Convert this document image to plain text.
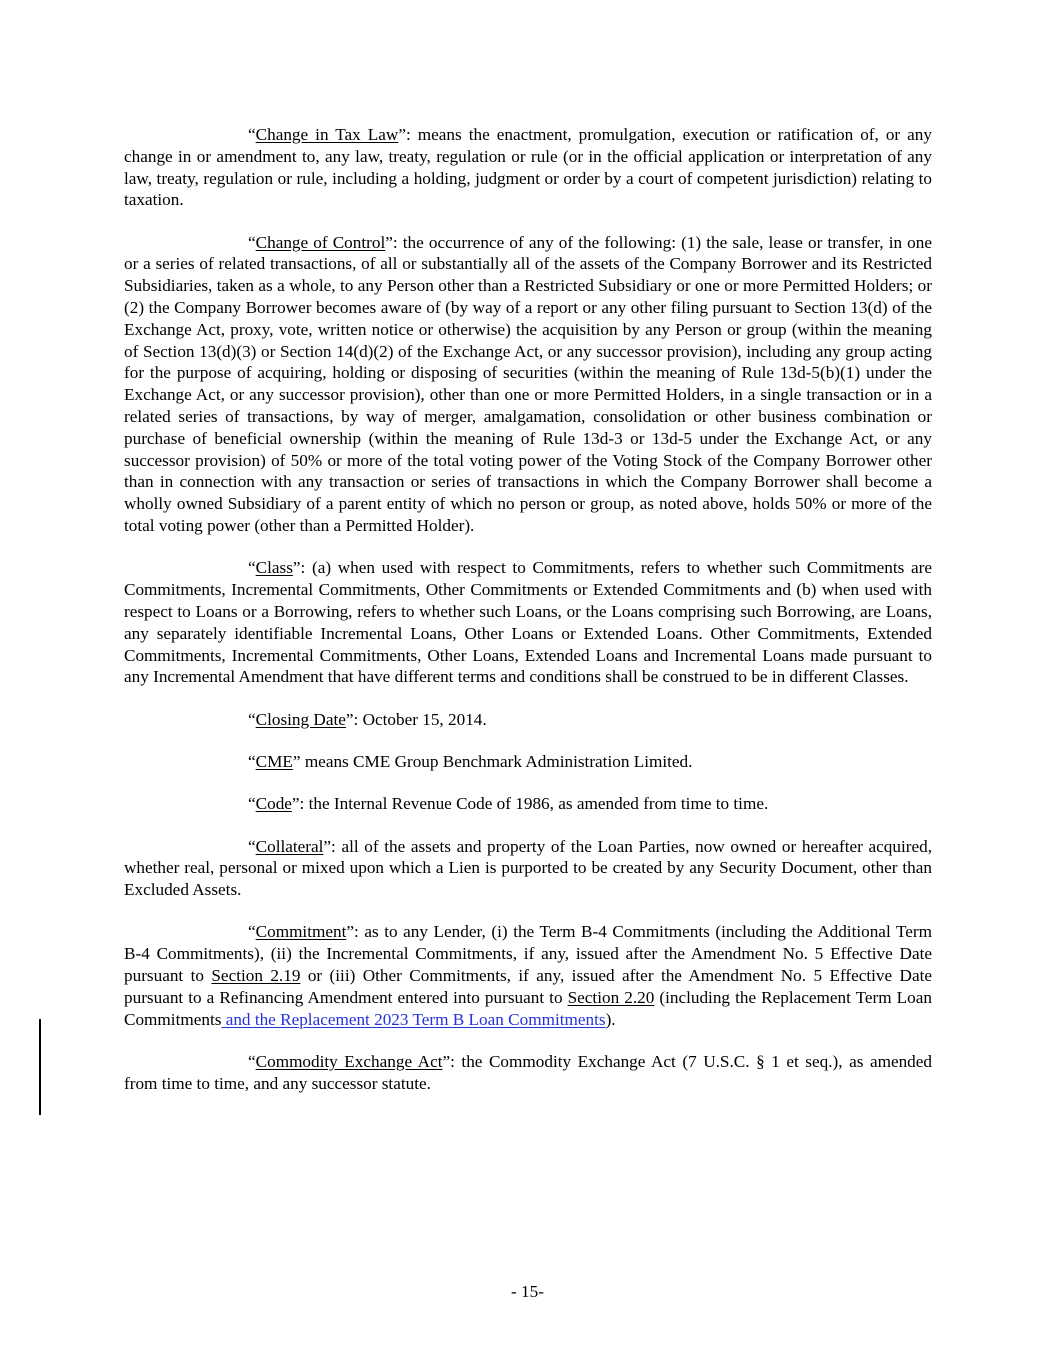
“Change in Tax Law”: means the enactment, promulgation, execution or ratification of, or any change in or amendment to, any law, treaty, regulation or rule (or in the official application or interpretation of any law, treaty, regulation or rule, including a holding, judgment or order by a court of competent jurisdiction) relating to taxation.

“Change of Control”: the occurrence of any of the following: (1) the sale, lease or transfer, in one or a series of related transactions, of all or substantially all of the assets of the Company Borrower and its Restricted Subsidiaries, taken as a whole, to any Person other than a Restricted Subsidiary or one or more Permitted Holders; or (2) the Company Borrower becomes aware of (by way of a report or any other filing pursuant to Section 13(d) of the Exchange Act, proxy, vote, written notice or otherwise) the acquisition by any Person or group (within the meaning of Section 13(d)(3) or Section 14(d)(2) of the Exchange Act, or any successor provision), including any group acting for the purpose of acquiring, holding or disposing of securities (within the meaning of Rule 13d-5(b)(1) under the Exchange Act, or any successor provision), other than one or more Permitted Holders, in a single transaction or in a related series of transactions, by way of merger, amalgamation, consolidation or other business combination or purchase of beneficial ownership (within the meaning of Rule 13d-3 or 13d-5 under the Exchange Act, or any successor provision) of 50% or more of the total voting power of the Voting Stock of the Company Borrower other than in connection with any transaction or series of transactions in which the Company Borrower shall become a wholly owned Subsidiary of a parent entity of which no person or group, as noted above, holds 50% or more of the total voting power (other than a Permitted Holder).

“Class”: (a) when used with respect to Commitments, refers to whether such Commitments are Commitments, Incremental Commitments, Other Commitments or Extended Commitments and (b) when used with respect to Loans or a Borrowing, refers to whether such Loans, or the Loans comprising such Borrowing, are Loans, any separately identifiable Incremental Loans, Other Loans or Extended Loans. Other Commitments, Extended Commitments, Incremental Commitments, Other Loans, Extended Loans and Incremental Loans made pursuant to any Incremental Amendment that have different terms and conditions shall be construed to be in different Classes.

“Closing Date”: October 15, 2014.

“CME” means CME Group Benchmark Administration Limited.

“Code”: the Internal Revenue Code of 1986, as amended from time to time.

“Collateral”: all of the assets and property of the Loan Parties, now owned or hereafter acquired, whether real, personal or mixed upon which a Lien is purported to be created by any Security Document, other than Excluded Assets.

“Commitment”: as to any Lender, (i) the Term B-4 Commitments (including the Additional Term B-4 Commitments), (ii) the Incremental Commitments, if any, issued after the Amendment No. 5 Effective Date pursuant to Section 2.19 or (iii) Other Commitments, if any, issued after the Amendment No. 5 Effective Date pursuant to a Refinancing Amendment entered into pursuant to Section 2.20 (including the Replacement Term Loan Commitments and the Replacement 2023 Term B Loan Commitments).

“Commodity Exchange Act”: the Commodity Exchange Act (7 U.S.C. § 1 et seq.), as amended from time to time, and any successor statute.

- 15-
